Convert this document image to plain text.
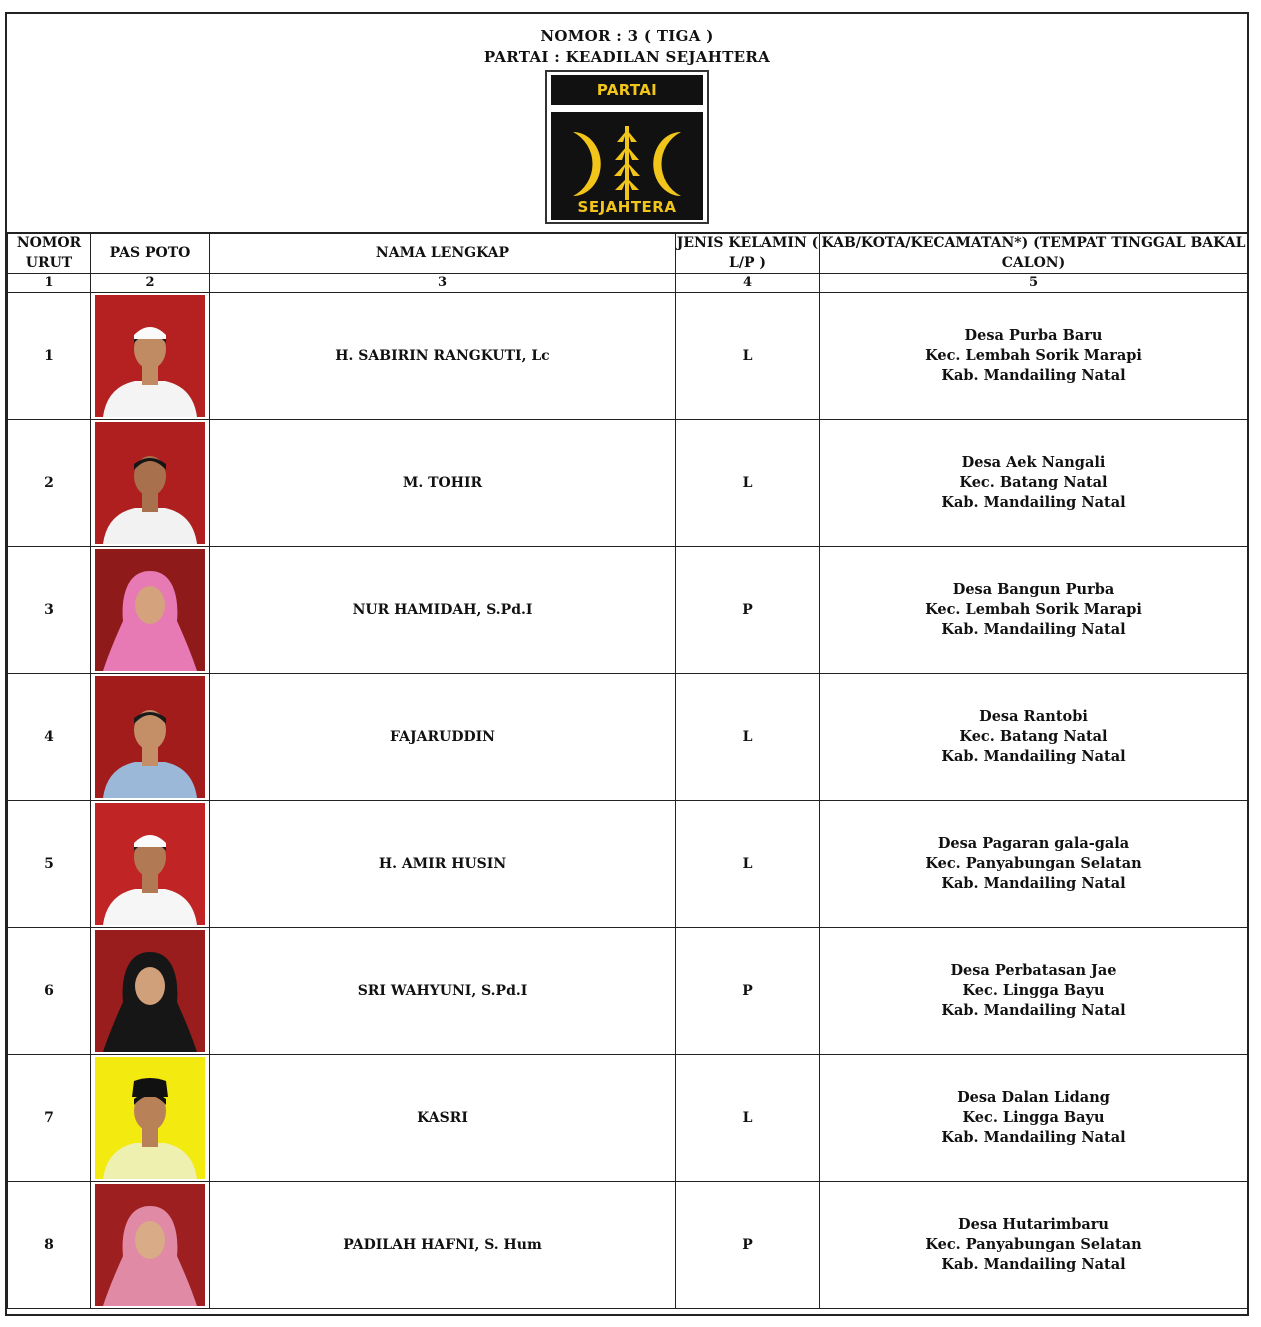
NOMOR : 3 ( TIGA )
PARTAI : KEADILAN SEJAHTERA
PARTAI
SEJAHTERA
NOMOR URUT	PAS POTO	NAMA LENGKAP	JENIS KELAMIN ( L/P )	KAB/KOTA/KECAMATAN*) (TEMPAT TINGGAL BAKAL CALON)
1	2	3	4	5
1		H. SABIRIN RANGKUTI, Lc	L	Desa Purba Baru
Kec. Lembah Sorik Marapi
Kab. Mandailing Natal

2		M. TOHIR	L	Desa Aek Nangali
Kec. Batang Natal
Kab. Mandailing Natal

3		NUR HAMIDAH, S.Pd.I	P	Desa Bangun Purba
Kec. Lembah Sorik Marapi
Kab. Mandailing Natal

4		FAJARUDDIN	L	Desa Rantobi
Kec. Batang Natal
Kab. Mandailing Natal

5		H. AMIR HUSIN	L	Desa Pagaran gala-gala
Kec. Panyabungan Selatan
Kab. Mandailing Natal

6		SRI WAHYUNI, S.Pd.I	P	Desa Perbatasan Jae
Kec. Lingga Bayu
Kab. Mandailing Natal

7		KASRI	L	Desa Dalan Lidang
Kec. Lingga Bayu
Kab. Mandailing Natal

8		PADILAH HAFNI, S. Hum	P	Desa Hutarimbaru
Kec. Panyabungan Selatan
Kab. Mandailing Natal
